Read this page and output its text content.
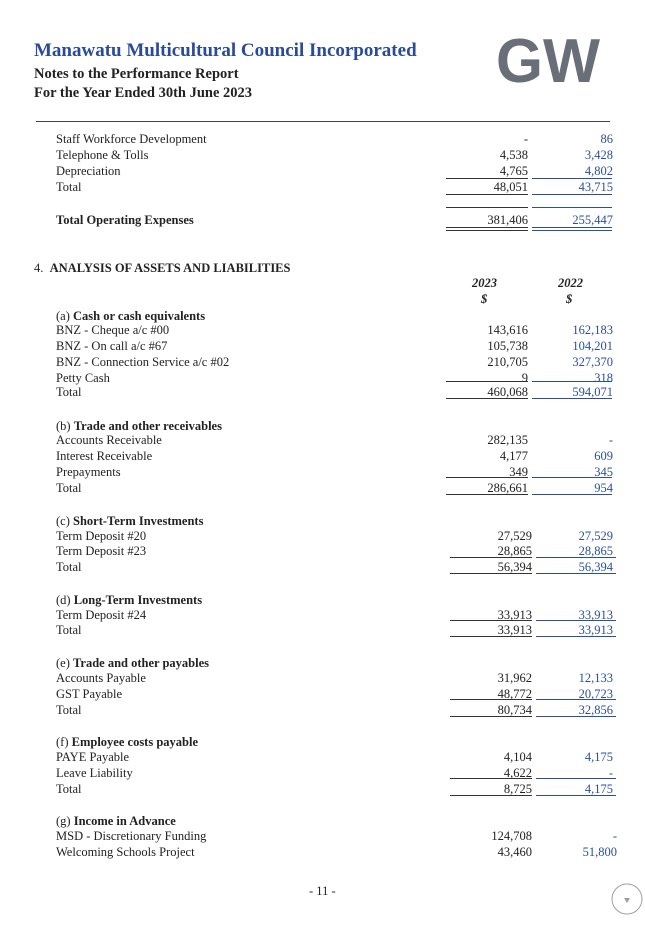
Manawatu Multicultural Council Incorporated
Notes to the Performance Report
For the Year Ended 30th June 2023	GW
Staff Workforce Development	-	86
Telephone & Tolls	4,538	3,428
Depreciation	4,765	4,802
Total	48,051	43,715
Total Operating Expenses	381,406	255,447
4. ANALYSIS OF ASSETS AND LIABILITIES
2023	2022
$	$
(a) Cash or cash equivalents
BNZ - Cheque a/c #00	143,616	162,183
BNZ - On call a/c #67	105,738	104,201
BNZ - Connection Service a/c #02	210,705	327,370
Petty Cash	9	318
Total	460,068	594,071
(b) Trade and other receivables
Accounts Receivable	282,135	-
Interest Receivable	4,177	609
Prepayments	349	345
Total	286,661	954
(c) Short-Term Investments
Term Deposit #20	27,529	27,529
Term Deposit #23	28,865	28,865
Total	56,394	56,394
(d) Long-Term Investments
Term Deposit #24	33,913	33,913
Total	33,913	33,913
(e) Trade and other payables
Accounts Payable	31,962	12,133
GST Payable	48,772	20,723
Total	80,734	32,856
(f) Employee costs payable
PAYE Payable	4,104	4,175
Leave Liability	4,622	-
Total	8,725	4,175
(g) Income in Advance
MSD - Discretionary Funding	124,708	-
Welcoming Schools Project	43,460	51,800
- 11 -
